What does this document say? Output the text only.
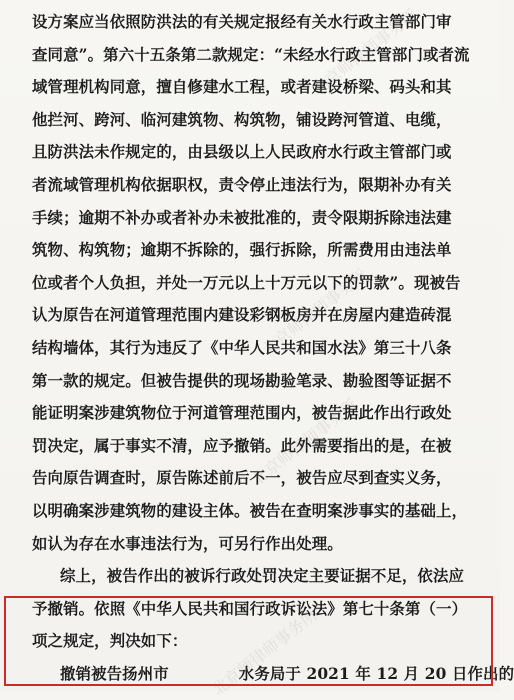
设方案应当依照防洪法的有关规定报经有关水行政主管部门审
查同意”。第六十五条第二款规定：“未经水行政主管部门或者流
域管理机构同意，擅自修建水工程，或者建设桥梁、码头和其
他拦河、跨河、临河建筑物、构筑物，铺设跨河管道、电缆，
且防洪法未作规定的，由县级以上人民政府水行政主管部门或
者流域管理机构依据职权，责令停止违法行为，限期补办有关
手续；逾期不补办或者补办未被批准的，责令限期拆除违法建
筑物、构筑物；逾期不拆除的，强行拆除，所需费用由违法单
位或者个人负担，并处一万元以上十万元以下的罚款”。现被告
认为原告在河道管理范围内建设彩钢板房并在房屋内建造砖混
结构墙体，其行为违反了《中华人民共和国水法》第三十八条
第一款的规定。但被告提供的现场勘验笔录、勘验图等证据不
能证明案涉建筑物位于河道管理范围内，被告据此作出行政处
罚决定，属于事实不清，应予撤销。此外需要指出的是，在被
告向原告调查时，原告陈述前后不一，被告应尽到查实义务，
以明确案涉建筑物的建设主体。被告在查明案涉事实的基础上，
如认为存在水事违法行为，可另行作出处理。
综上，被告作出的被诉行政处罚决定主要证据不足，依法应
予撤销。依照《中华人民共和国行政诉讼法》第七十条第（一）
项之规定，判决如下：
撤销被告扬州市	水务局于 2021 年 12 月 20 日作出的
北京师律师事务所
北京师律师事务所
北京师律师事务所
北京师律师事务所
